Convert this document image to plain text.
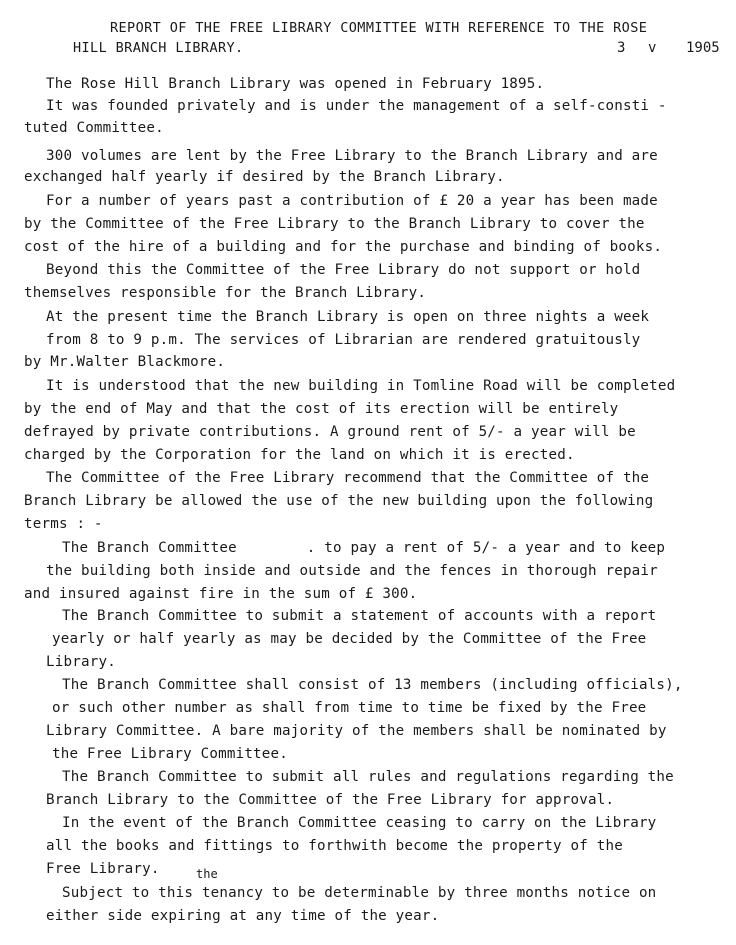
REPORT OF THE FREE LIBRARY COMMITTEE WITH REFERENCE TO THE ROSE
HILL BRANCH LIBRARY.	3 v 1905
The Rose Hill Branch Library was opened in February 1895.
It was founded privately and is under the management of a self-consti -
tuted Committee.
300 volumes are lent by the Free Library to the Branch Library and are
exchanged half yearly if desired by the Branch Library.
For a number of years past a contribution of £ 20 a year has been made
by the Committee of the Free Library to the Branch Library to cover the
cost of the hire of a building and for the purchase and binding of books.
Beyond this the Committee of the Free Library do not support or hold
themselves responsible for the Branch Library.
At the present time the Branch Library is open on three nights a week
from 8 to 9 p.m. The services of Librarian are rendered gratuitously
by Mr.Walter Blackmore.
It is understood that the new building in Tomline Road will be completed
by the end of May and that the cost of its erection will be entirely
defrayed by private contributions. A ground rent of 5/- a year will be
charged by the Corporation for the land on which it is erected.
The Committee of the Free Library recommend that the Committee of the
Branch Library be allowed the use of the new building upon the following
terms : -
The Branch Committee        . to pay a rent of 5/- a year and to keep
the building both inside and outside and the fences in thorough repair
and insured against fire in the sum of £ 300.
The Branch Committee to submit a statement of accounts with a report
yearly or half yearly as may be decided by the Committee of the Free
Library.
The Branch Committee shall consist of 13 members (including officials),
or such other number as shall from time to time be fixed by the Free
Library Committee. A bare majority of the members shall be nominated by
the Free Library Committee.
The Branch Committee to submit all rules and regulations regarding the
Branch Library to the Committee of the Free Library for approval.
In the event of the Branch Committee ceasing to carry on the Library
all the books and fittings to forthwith become the property of the
Free Library.	the
Subject to this tenancy to be determinable by three months notice on
either side expiring at any time of the year.
